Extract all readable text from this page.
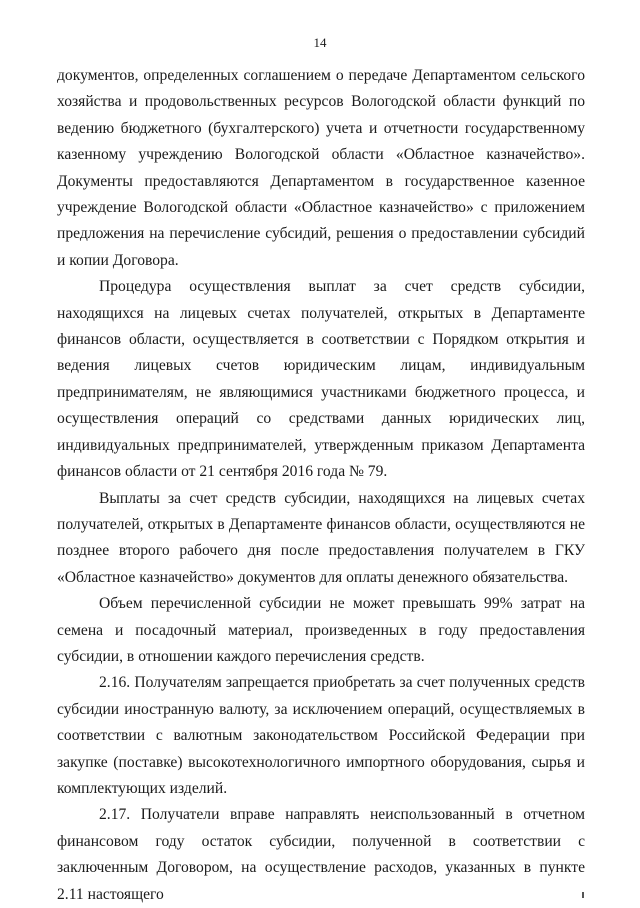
14

документов, определенных соглашением о передаче Департаментом сельского хозяйства и продовольственных ресурсов Вологодской области функций по ведению бюджетного (бухгалтерского) учета и отчетности государственному казенному учреждению Вологодской области «Областное казначейство». Документы предоставляются Департаментом в государственное казенное учреждение Вологодской области «Областное казначейство» с приложением предложения на перечисление субсидий, решения о предоставлении субсидий и копии Договора.

Процедура осуществления выплат за счет средств субсидии, находящихся на лицевых счетах получателей, открытых в Департаменте финансов области, осуществляется в соответствии с Порядком открытия и ведения лицевых счетов юридическим лицам, индивидуальным предпринимателям, не являющимися участниками бюджетного процесса, и осуществления операций со средствами данных юридических лиц, индивидуальных предпринимателей, утвержденным приказом Департамента финансов области от 21 сентября 2016 года № 79.

Выплаты за счет средств субсидии, находящихся на лицевых счетах получателей, открытых в Департаменте финансов области, осуществляются не позднее второго рабочего дня после предоставления получателем в ГКУ «Областное казначейство» документов для оплаты денежного обязательства.

Объем перечисленной субсидии не может превышать 99% затрат на семена и посадочный материал, произведенных в году предоставления субсидии, в отношении каждого перечисления средств.

2.16. Получателям запрещается приобретать за счет полученных средств субсидии иностранную валюту, за исключением операций, осуществляемых в соответствии с валютным законодательством Российской Федерации при закупке (поставке) высокотехнологичного импортного оборудования, сырья и комплектующих изделий.

2.17. Получатели вправе направлять неиспользованный в отчетном финансовом году остаток субсидии, полученной в соответствии с заключенным Договором, на осуществление расходов, указанных в пункте 2.11 настоящего
